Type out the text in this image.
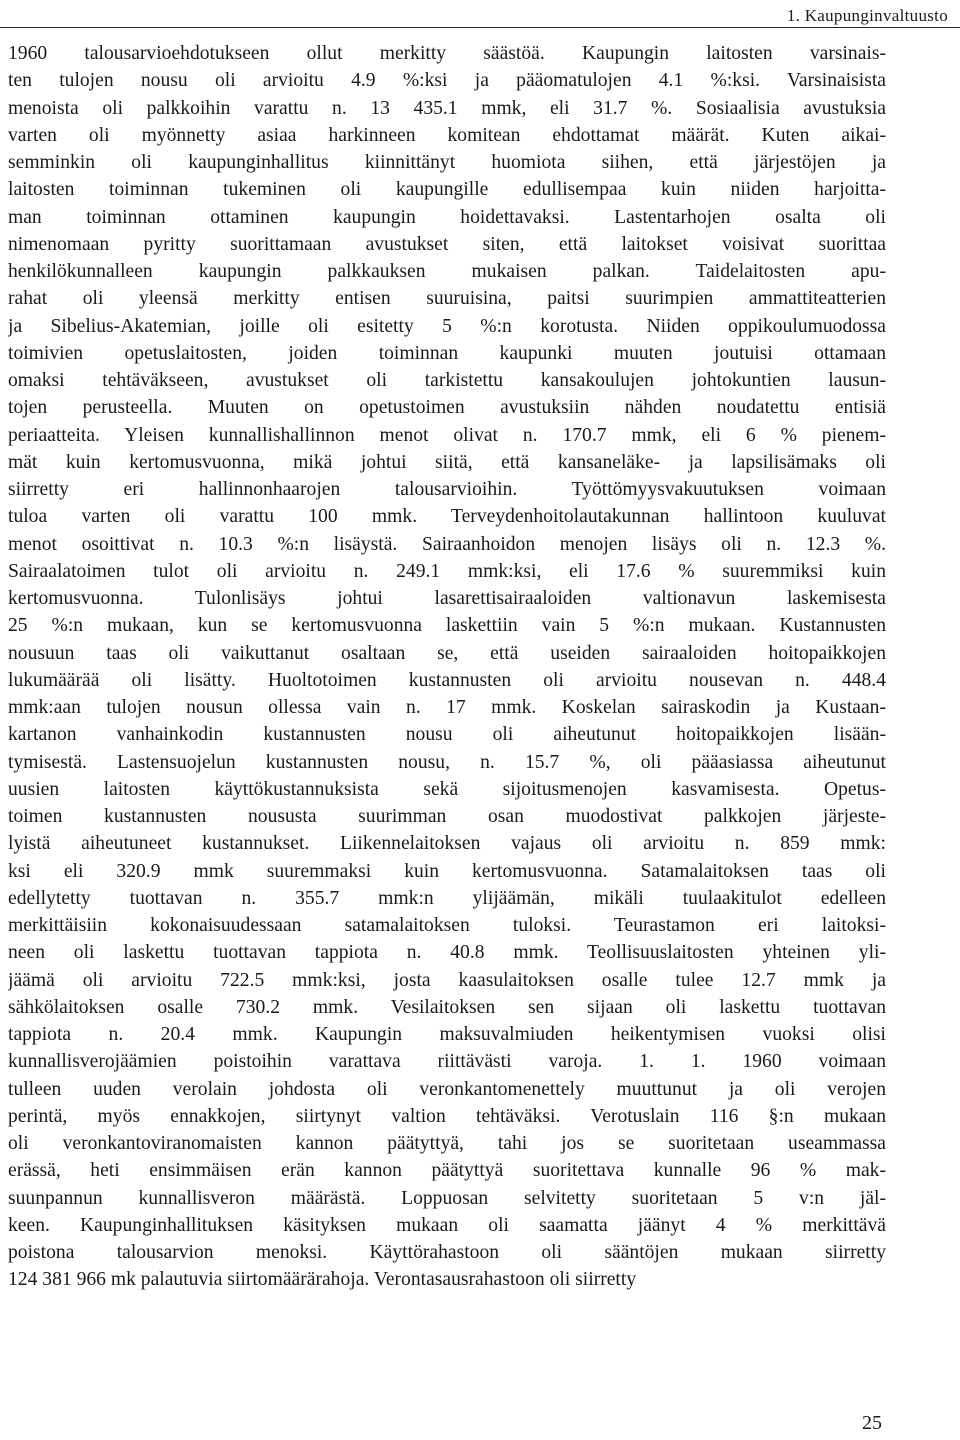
1. Kaupunginvaltuusto
1960 talousarvioehdotukseen ollut merkitty säästöä. Kaupungin laitosten varsinais-
ten tulojen nousu oli arvioitu 4.9 %:ksi ja pääomatulojen 4.1 %:ksi. Varsinaisista
menoista oli palkkoihin varattu n. 13 435.1 mmk, eli 31.7 %. Sosiaalisia avustuksia
varten oli myönnetty asiaa harkinneen komitean ehdottamat määrät. Kuten aikai-
semminkin oli kaupunginhallitus kiinnittänyt huomiota siihen, että järjestöjen ja
laitosten toiminnan tukeminen oli kaupungille edullisempaa kuin niiden harjoitta-
man toiminnan ottaminen kaupungin hoidettavaksi. Lastentarhojen osalta oli
nimenomaan pyritty suorittamaan avustukset siten, että laitokset voisivat suorittaa
henkilökunnalleen kaupungin palkkauksen mukaisen palkan. Taidelaitosten apu-
rahat oli yleensä merkitty entisen suuruisina, paitsi suurimpien ammattiteatterien
ja Sibelius-Akatemian, joille oli esitetty 5 %:n korotusta. Niiden oppikoulumuodossa
toimivien opetuslaitosten, joiden toiminnan kaupunki muuten joutuisi ottamaan
omaksi tehtäväkseen, avustukset oli tarkistettu kansakoulujen johtokuntien lausun-
tojen perusteella. Muuten on opetustoimen avustuksiin nähden noudatettu entisiä
periaatteita. Yleisen kunnallishallinnon menot olivat n. 170.7 mmk, eli 6 % pienem-
mät kuin kertomusvuonna, mikä johtui siitä, että kansaneläke- ja lapsilisämaks oli
siirretty eri hallinnonhaarojen talousarvioihin. Työttömyysvakuutuksen voimaan
tuloa varten oli varattu 100 mmk. Terveydenhoitolautakunnan hallintoon kuuluvat
menot osoittivat n. 10.3 %:n lisäystä. Sairaanhoidon menojen lisäys oli n. 12.3 %.
Sairaalatoimen tulot oli arvioitu n. 249.1 mmk:ksi, eli 17.6 % suuremmiksi kuin
kertomusvuonna. Tulonlisäys johtui lasarettisairaaloiden valtionavun laskemisesta
25 %:n mukaan, kun se kertomusvuonna laskettiin vain 5 %:n mukaan. Kustannusten
nousuun taas oli vaikuttanut osaltaan se, että useiden sairaaloiden hoitopaikkojen
lukumäärää oli lisätty. Huoltotoimen kustannusten oli arvioitu nousevan n. 448.4
mmk:aan tulojen nousun ollessa vain n. 17 mmk. Koskelan sairaskodin ja Kustaan-
kartanon vanhainkodin kustannusten nousu oli aiheutunut hoitopaikkojen lisään-
tymisestä. Lastensuojelun kustannusten nousu, n. 15.7 %, oli pääasiassa aiheutunut
uusien laitosten käyttökustannuksista sekä sijoitusmenojen kasvamisesta. Opetus-
toimen kustannusten noususta suurimman osan muodostivat palkkojen järjeste-
lyistä aiheutuneet kustannukset. Liikennelaitoksen vajaus oli arvioitu n. 859 mmk:
ksi eli 320.9 mmk suuremmaksi kuin kertomusvuonna. Satamalaitoksen taas oli
edellytetty tuottavan n. 355.7 mmk:n ylijäämän, mikäli tuulaakitulot edelleen
merkittäisiin kokonaisuudessaan satamalaitoksen tuloksi. Teurastamon eri laitoksi-
neen oli laskettu tuottavan tappiota n. 40.8 mmk. Teollisuuslaitosten yhteinen yli-
jäämä oli arvioitu 722.5 mmk:ksi, josta kaasulaitoksen osalle tulee 12.7 mmk ja
sähkölaitoksen osalle 730.2 mmk. Vesilaitoksen sen sijaan oli laskettu tuottavan
tappiota n. 20.4 mmk. Kaupungin maksuvalmiuden heikentymisen vuoksi olisi
kunnallisverojäämien poistoihin varattava riittävästi varoja. 1. 1. 1960 voimaan
tulleen uuden verolain johdosta oli veronkantomenettely muuttunut ja oli verojen
perintä, myös ennakkojen, siirtynyt valtion tehtäväksi. Verotuslain 116 §:n mukaan
oli veronkantoviranomaisten kannon päätyttyä, tahi jos se suoritetaan useammassa
erässä, heti ensimmäisen erän kannon päätyttyä suoritettava kunnalle 96 % mak-
suunpannun kunnallisveron määrästä. Loppuosan selvitetty suoritetaan 5 v:n jäl-
keen. Kaupunginhallituksen käsityksen mukaan oli saamatta jäänyt 4 % merkittävä
poistona talousarvion menoksi. Käyttörahastoon oli sääntöjen mukaan siirretty
124 381 966 mk palautuvia siirtomäärärahoja. Verontasausrahastoon oli siirretty
25
